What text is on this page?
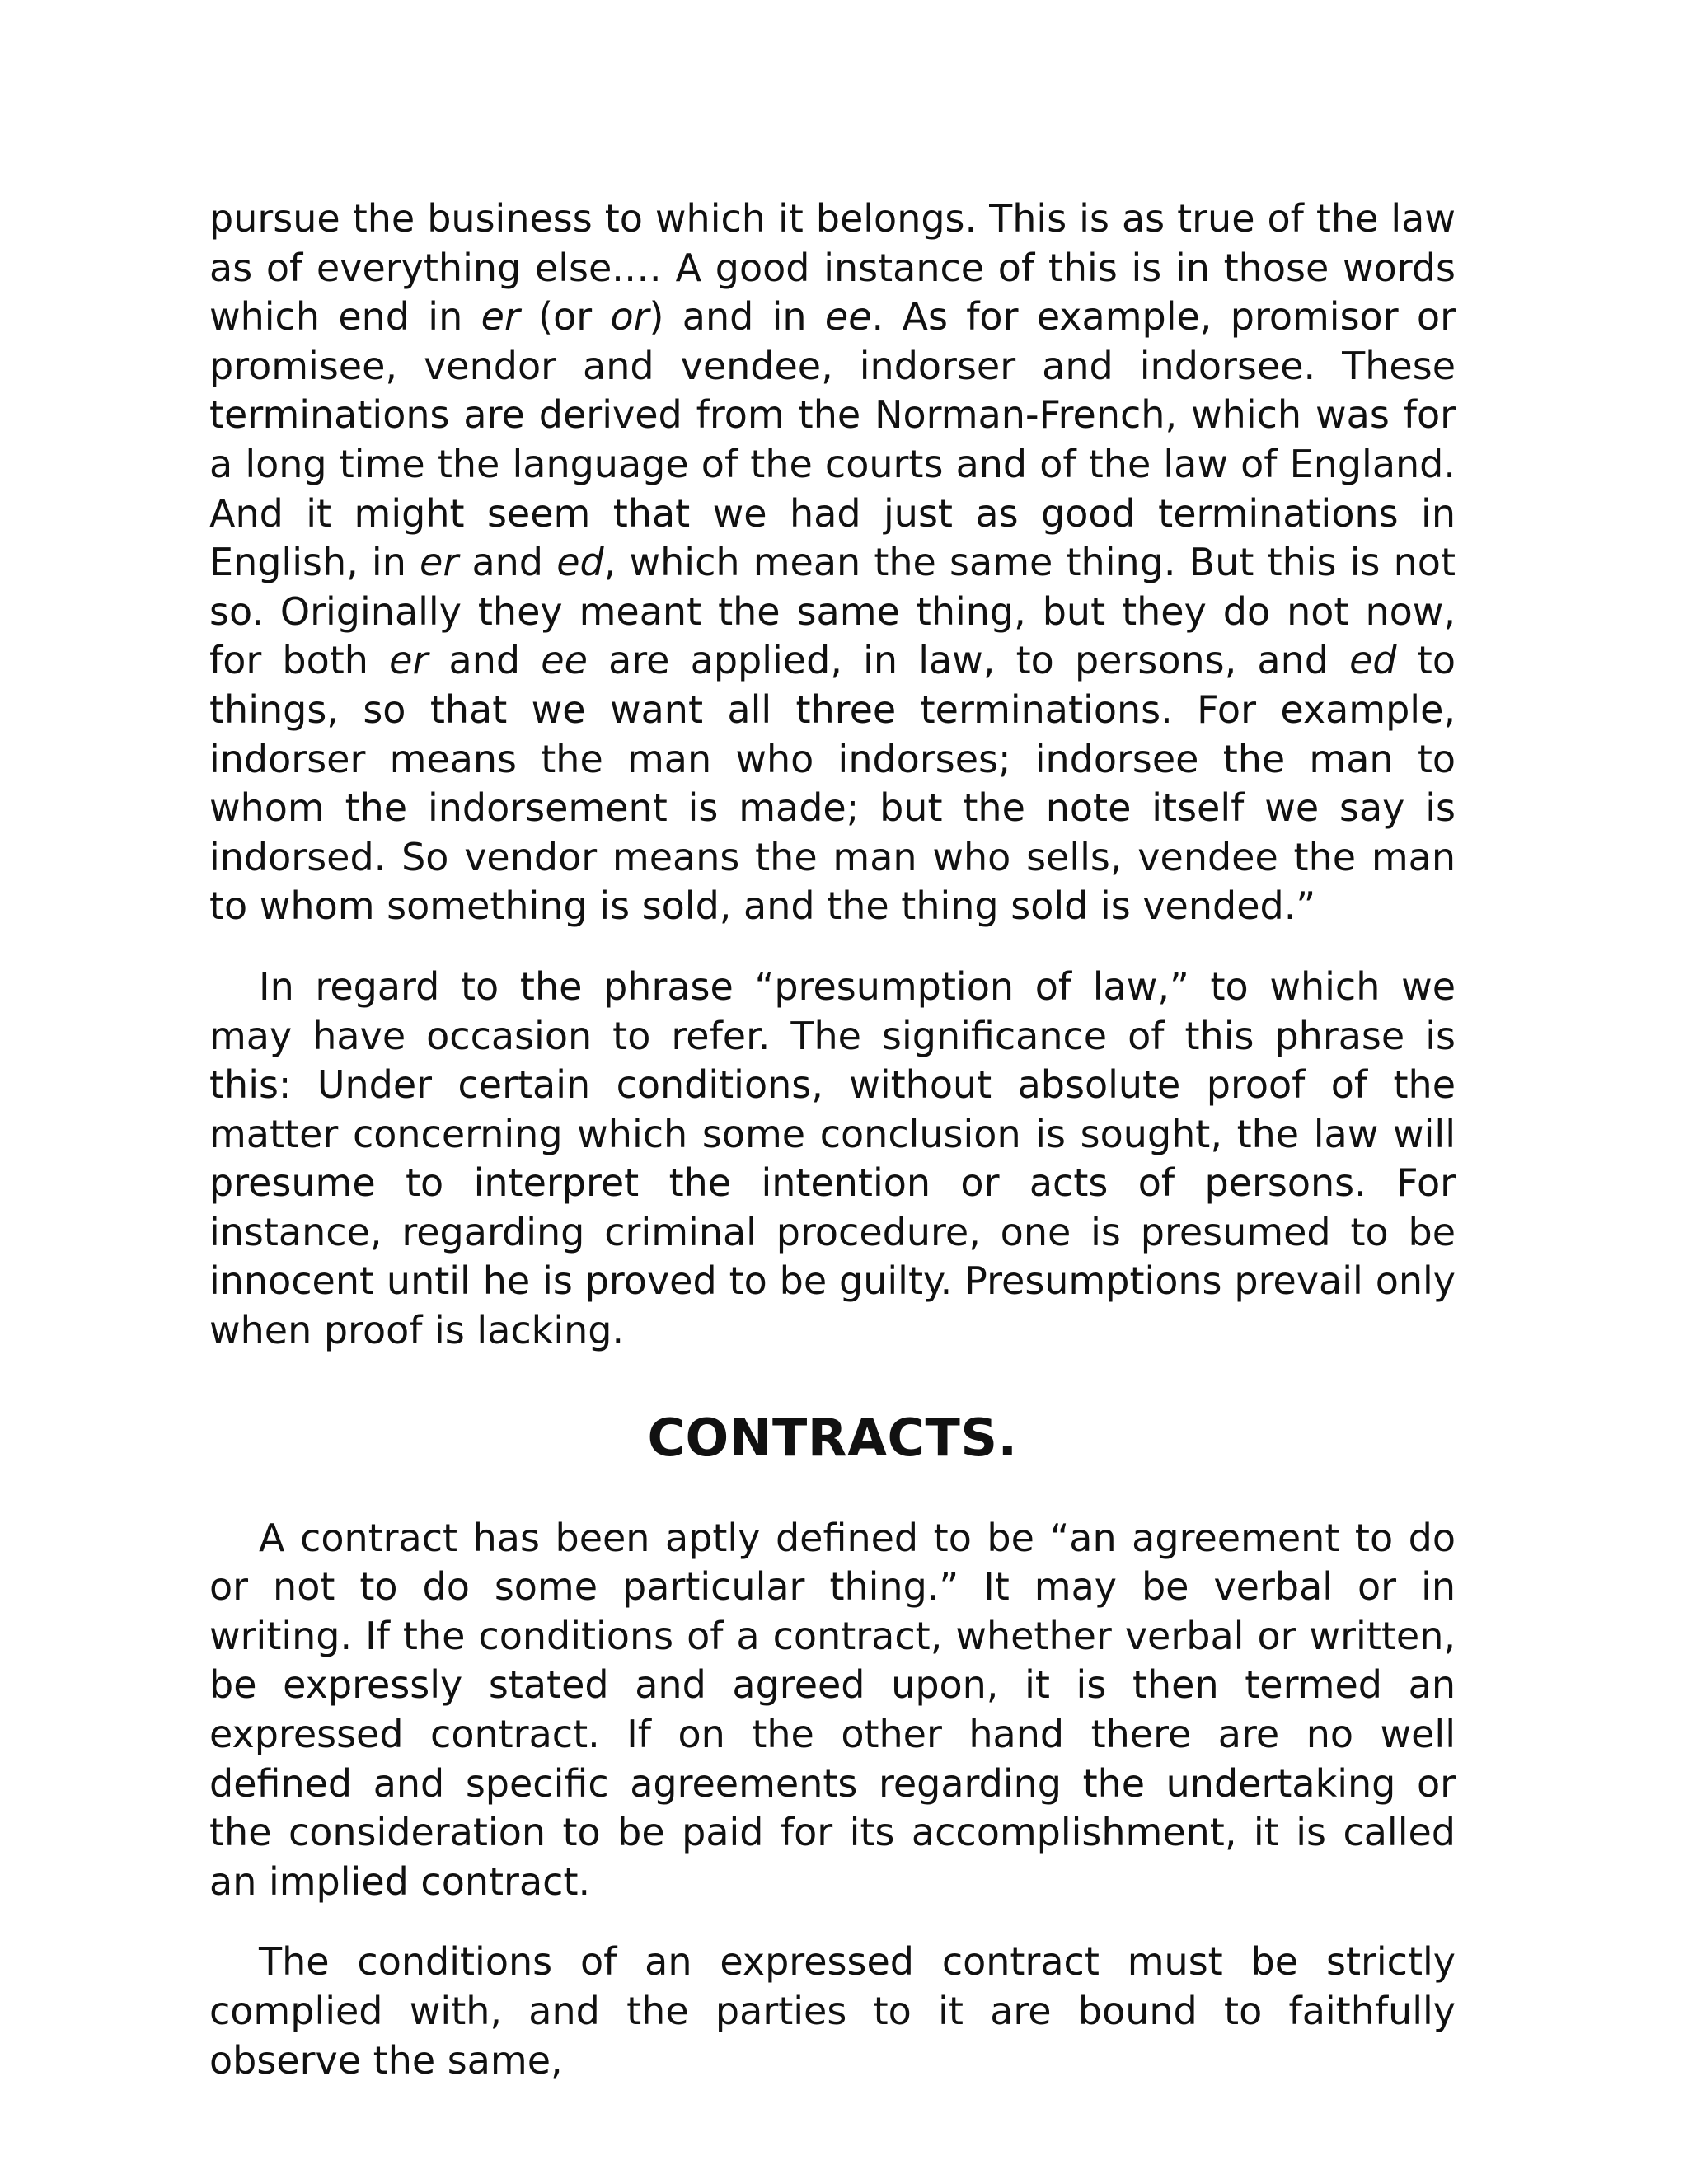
pursue the business to which it belongs. This is as true of the law as of everything else.… A good instance of this is in those words which end in er (or or) and in ee. As for example, promisor or promisee, vendor and vendee, indorser and indorsee. These terminations are derived from the Norman-French, which was for a long time the language of the courts and of the law of England. And it might seem that we had just as good terminations in English, in er and ed, which mean the same thing. But this is not so. Originally they meant the same thing, but they do not now, for both er and ee are applied, in law, to persons, and ed to things, so that we want all three terminations. For example, indorser means the man who indorses; indorsee the man to whom the indorsement is made; but the note itself we say is indorsed. So vendor means the man who sells, vendee the man to whom something is sold, and the thing sold is vended.”

In regard to the phrase “presumption of law,” to which we may have occasion to refer. The significance of this phrase is this: Under certain conditions, without absolute proof of the matter concerning which some conclusion is sought, the law will presume to interpret the intention or acts of persons. For instance, regarding criminal procedure, one is presumed to be innocent until he is proved to be guilty. Presumptions prevail only when proof is lacking.

CONTRACTS.

A contract has been aptly defined to be “an agreement to do or not to do some particular thing.” It may be verbal or in writing. If the conditions of a contract, whether verbal or written, be expressly stated and agreed upon, it is then termed an expressed contract. If on the other hand there are no well defined and specific agreements regarding the undertaking or the consideration to be paid for its accomplishment, it is called an implied contract.

The conditions of an expressed contract must be strictly complied with, and the parties to it are bound to faithfully observe the same,
